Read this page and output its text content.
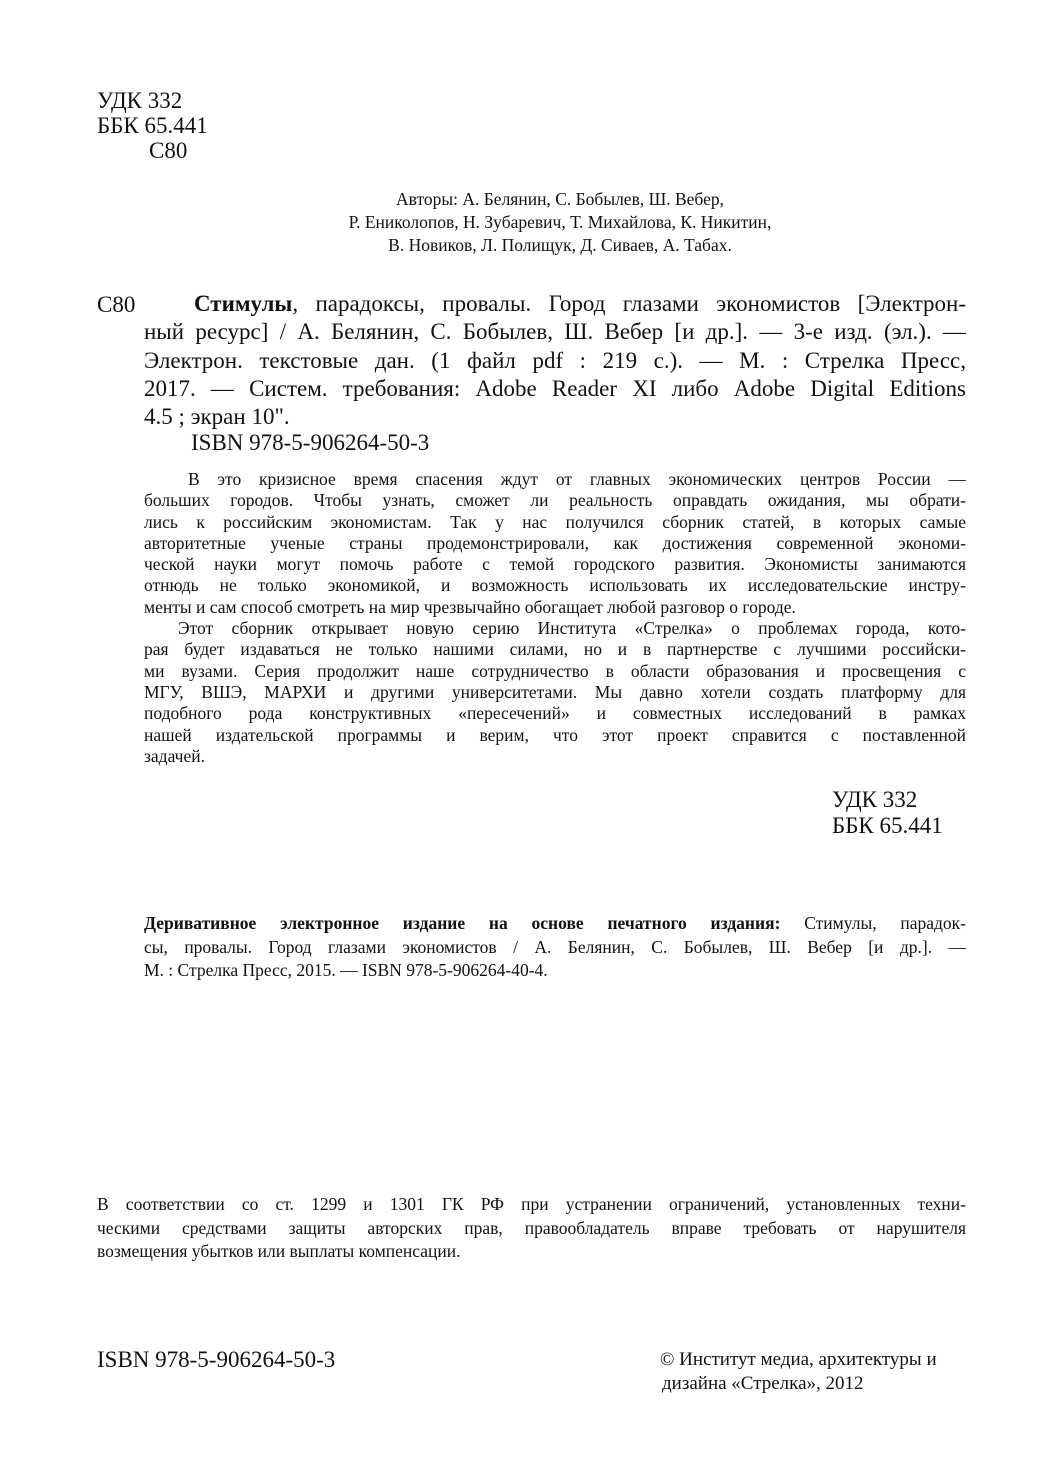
УДК 332
ББК 65.441
С80
Авторы: А. Белянин, С. Бобылев, Ш. Вебер,
Р. Ениколопов, Н. Зубаревич, Т. Михайлова, К. Никитин,
В. Новиков, Л. Полищук, Д. Сиваев, А. Табах.
С80	Стимулы, парадоксы, провалы. Город глазами экономистов [Электрон-
ный ресурс] / А. Белянин, С. Бобылев, Ш. Вебер [и др.]. — 3-е изд. (эл.). —
Электрон. текстовые дан. (1 файл pdf : 219 с.). — М. : Стрелка Пресс,
2017. — Систем. требования: Adobe Reader XI либо Adobe Digital Editions
4.5 ; экран 10".
ISBN 978-5-906264-50-3
В это кризисное время спасения ждут от главных экономических центров России —
больших городов. Чтобы узнать, сможет ли реальность оправдать ожидания, мы обрати-
лись к российским экономистам. Так у нас получился сборник статей, в которых самые
авторитетные ученые страны продемонстрировали, как достижения современной экономи-
ческой науки могут помочь работе с темой городского развития. Экономисты занимаются
отнюдь не только экономикой, и возможность использовать их исследовательские инстру-
менты и сам способ смотреть на мир чрезвычайно обогащает любой разговор о городе.
Этот сборник открывает новую серию Института «Стрелка» о проблемах города, кото-
рая будет издаваться не только нашими силами, но и в партнерстве с лучшими российски-
ми вузами. Серия продолжит наше сотрудничество в области образования и просвещения с
МГУ, ВШЭ, МАРХИ и другими университетами. Мы давно хотели создать платформу для
подобного рода конструктивных «пересечений» и совместных исследований в рамках
нашей издательской программы и верим, что этот проект справится с поставленной
задачей.
УДК 332
ББК 65.441
Деривативное электронное издание на основе печатного издания: Стимулы, парадок-
сы, провалы. Город глазами экономистов / А. Белянин, С. Бобылев, Ш. Вебер [и др.]. —
М. : Стрелка Пресс, 2015. — ISBN 978-5-906264-40-4.
В соответствии со ст. 1299 и 1301 ГК РФ при устранении ограничений, установленных техни-
ческими средствами защиты авторских прав, правообладатель вправе требовать от нарушителя
возмещения убытков или выплаты компенсации.
ISBN 978-5-906264-50-3	© Институт медиа, архитектуры и
дизайна «Стрелка», 2012
